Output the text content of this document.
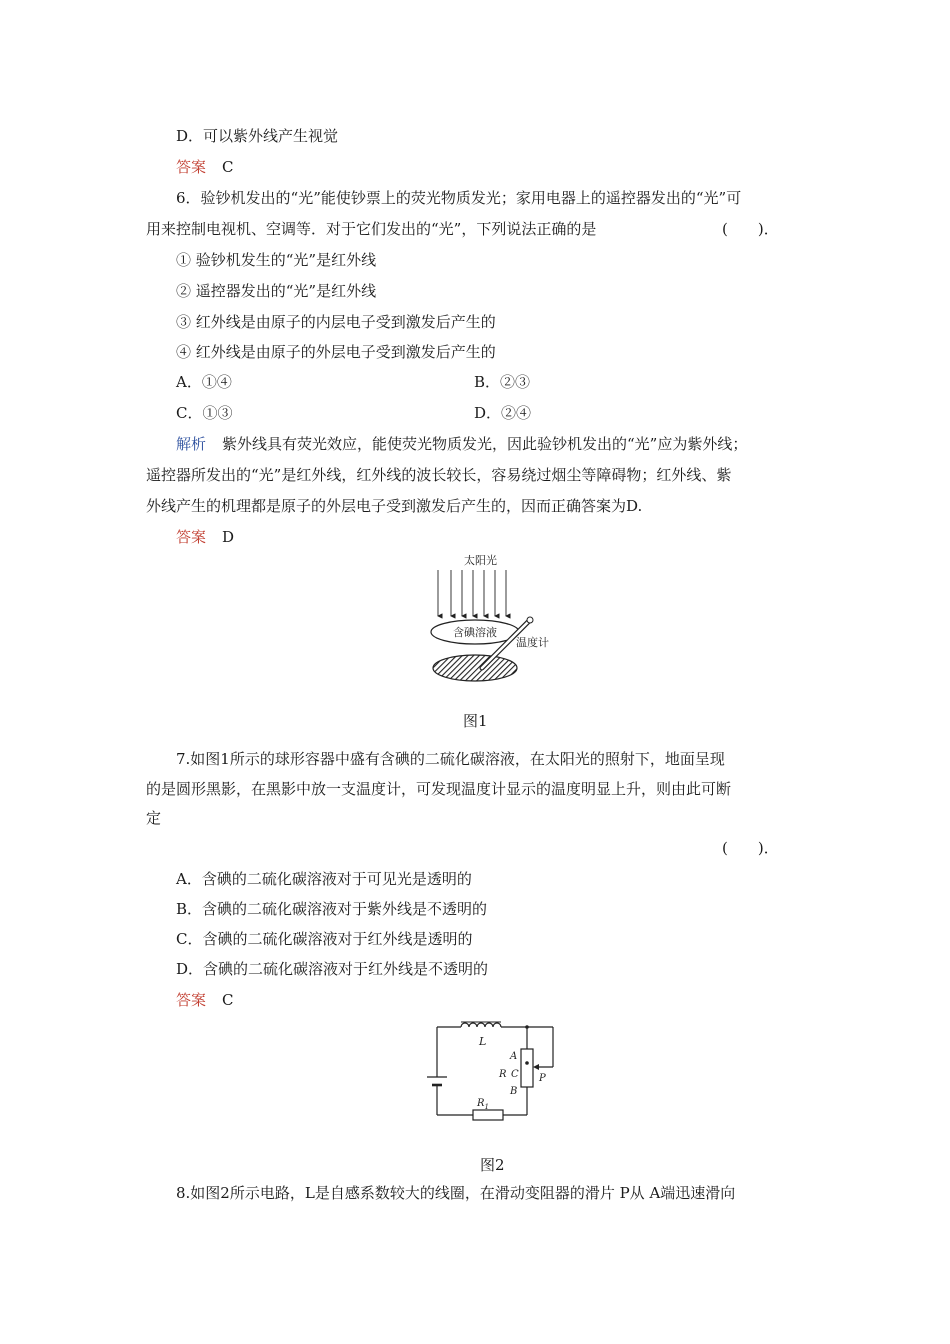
D．可以紫外线产生视觉
答案 C
6．验钞机发出的“光”能使钞票上的荧光物质发光；家用电器上的遥控器发出的“光”可
用来控制电视机、空调等．对于它们发出的“光”，下列说法正确的是	(　　)．
① 验钞机发生的“光”是红外线
② 遥控器发出的“光”是红外线
③ 红外线是由原子的内层电子受到激发后产生的
④ 红外线是由原子的外层电子受到激发后产生的
A．①④	B．②③
C．①③	D．②④
解析 紫外线具有荧光效应，能使荧光物质发光，因此验钞机发出的“光”应为紫外线；
遥控器所发出的“光”是红外线，红外线的波长较长，容易绕过烟尘等障碍物；红外线、紫
外线产生的机理都是原子的外层电子受到激发后产生的，因而正确答案为D.
答案 D
太阳光
含碘溶液
温度计
图1
7.如图1所示的球形容器中盛有含碘的二硫化碳溶液，在太阳光的照射下，地面呈现
的是圆形黑影，在黑影中放一支温度计，可发现温度计显示的温度明显上升，则由此可断
定
(　　)．
A．含碘的二硫化碳溶液对于可见光是透明的
B．含碘的二硫化碳溶液对于紫外线是不透明的
C．含碘的二硫化碳溶液对于红外线是透明的
D．含碘的二硫化碳溶液对于红外线是不透明的
答案 C
L
A
R C
B
P
$R_1$
图2
8.如图2所示电路，L是自感系数较大的线圈，在滑动变阻器的滑片 P从 A端迅速滑向
